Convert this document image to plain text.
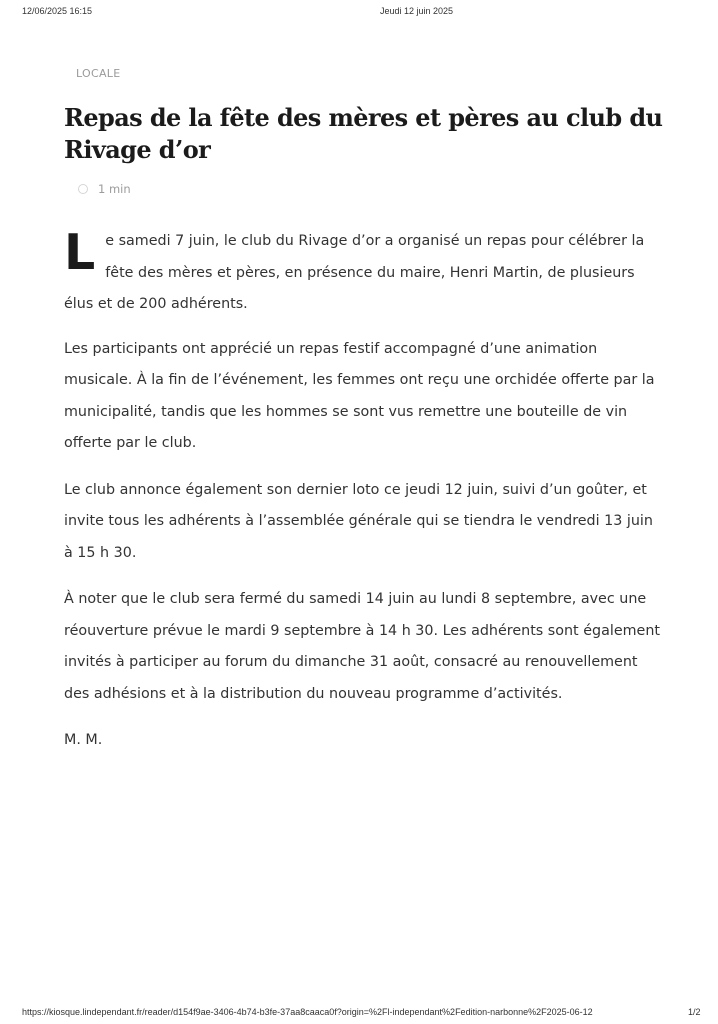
12/06/2025 16:15	Jeudi 12 juin 2025
LOCALE
Repas de la fête des mères et pères au club du Rivage d’or
1 min

Le samedi 7 juin, le club du Rivage d’or a organisé un repas pour célébrer la fête des mères et pères, en présence du maire, Henri Martin, de plusieurs élus et de 200 adhérents.

Les participants ont apprécié un repas festif accompagné d’une animation musicale. À la fin de l’événement, les femmes ont reçu une orchidée offerte par la municipalité, tandis que les hommes se sont vus remettre une bouteille de vin offerte par le club.

Le club annonce également son dernier loto ce jeudi 12 juin, suivi d’un goûter, et invite tous les adhérents à l’assemblée générale qui se tiendra le vendredi 13 juin à 15 h 30.

À noter que le club sera fermé du samedi 14 juin au lundi 8 septembre, avec une réouverture prévue le mardi 9 septembre à 14 h 30. Les adhérents sont également invités à participer au forum du dimanche 31 août, consacré au renouvellement des adhésions et à la distribution du nouveau programme d’activités.

M. M.

https://kiosque.lindependant.fr/reader/d154f9ae-3406-4b74-b3fe-37aa8caaca0f?origin=%2Fl-independant%2Fedition-narbonne%2F2025-06-12	1/2
